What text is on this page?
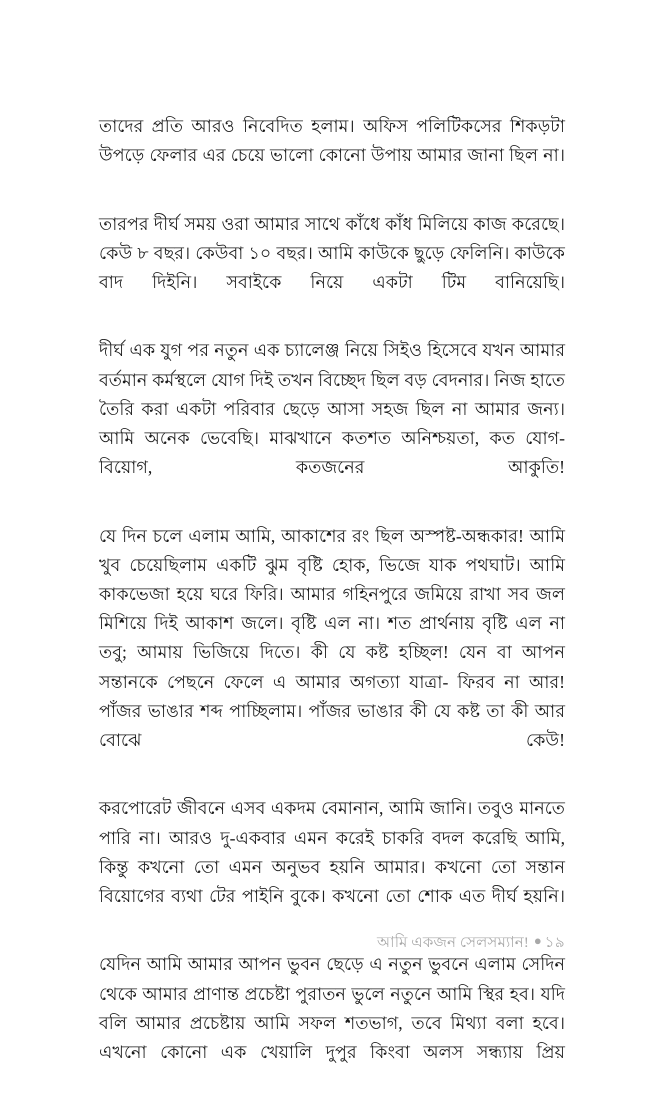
তাদের প্রতি আরও নিবেদিত হলাম। অফিস পলিটিকসের শিকড়টা উপড়ে ফেলার এর চেয়ে ভালো কোনো উপায় আমার জানা ছিল না।

তারপর দীর্ঘ সময় ওরা আমার সাথে কাঁধে কাঁধ মিলিয়ে কাজ করেছে। কেউ ৮ বছর। কেউবা ১০ বছর। আমি কাউকে ছুড়ে ফেলিনি। কাউকে বাদ দিইনি। সবাইকে নিয়ে একটা টিম বানিয়েছি।

দীর্ঘ এক যুগ পর নতুন এক চ্যালেঞ্জ নিয়ে সিইও হিসেবে যখন আমার বর্তমান কর্মস্থলে যোগ দিই তখন বিচ্ছেদ ছিল বড় বেদনার। নিজ হাতে তৈরি করা একটা পরিবার ছেড়ে আসা সহজ ছিল না আমার জন্য। আমি অনেক ভেবেছি। মাঝখানে কতশত অনিশ্চয়তা, কত যোগ-বিয়োগ, কতজনের আকুতি!

যে দিন চলে এলাম আমি, আকাশের রং ছিল অস্পষ্ট-অন্ধকার! আমি খুব চেয়েছিলাম একটি ঝুম বৃষ্টি হোক, ভিজে যাক পথঘাট। আমি কাকভেজা হয়ে ঘরে ফিরি। আমার গহিনপুরে জমিয়ে রাখা সব জল মিশিয়ে দিই আকাশ জলে। বৃষ্টি এল না। শত প্রার্থনায় বৃষ্টি এল না তবু; আমায় ভিজিয়ে দিতে। কী যে কষ্ট হচ্ছিল! যেন বা আপন সন্তানকে পেছনে ফেলে এ আমার অগত্যা যাত্রা- ফিরব না আর! পাঁজর ভাঙার শব্দ পাচ্ছিলাম। পাঁজর ভাঙার কী যে কষ্ট তা কী আর বোঝে কেউ!

করপোরেট জীবনে এসব একদম বেমানান, আমি জানি। তবুও মানতে পারি না। আরও দু-একবার এমন করেই চাকরি বদল করেছি আমি, কিন্তু কখনো তো এমন অনুভব হয়নি আমার। কখনো তো সন্তান বিয়োগের ব্যথা টের পাইনি বুকে। কখনো তো শোক এত দীর্ঘ হয়নি।

যেদিন আমি আমার আপন ভুবন ছেড়ে এ নতুন ভুবনে এলাম সেদিন থেকে আমার প্রাণান্ত প্রচেষ্টা পুরাতন ভুলে নতুনে আমি স্থির হব। যদি বলি আমার প্রচেষ্টায় আমি সফল শতভাগ, তবে মিথ্যা বলা হবে। এখনো কোনো এক খেয়ালি দুপুর কিংবা অলস সন্ধ্যায় প্রিয়

আমি একজন সেলসম্যান! ● ১৯
